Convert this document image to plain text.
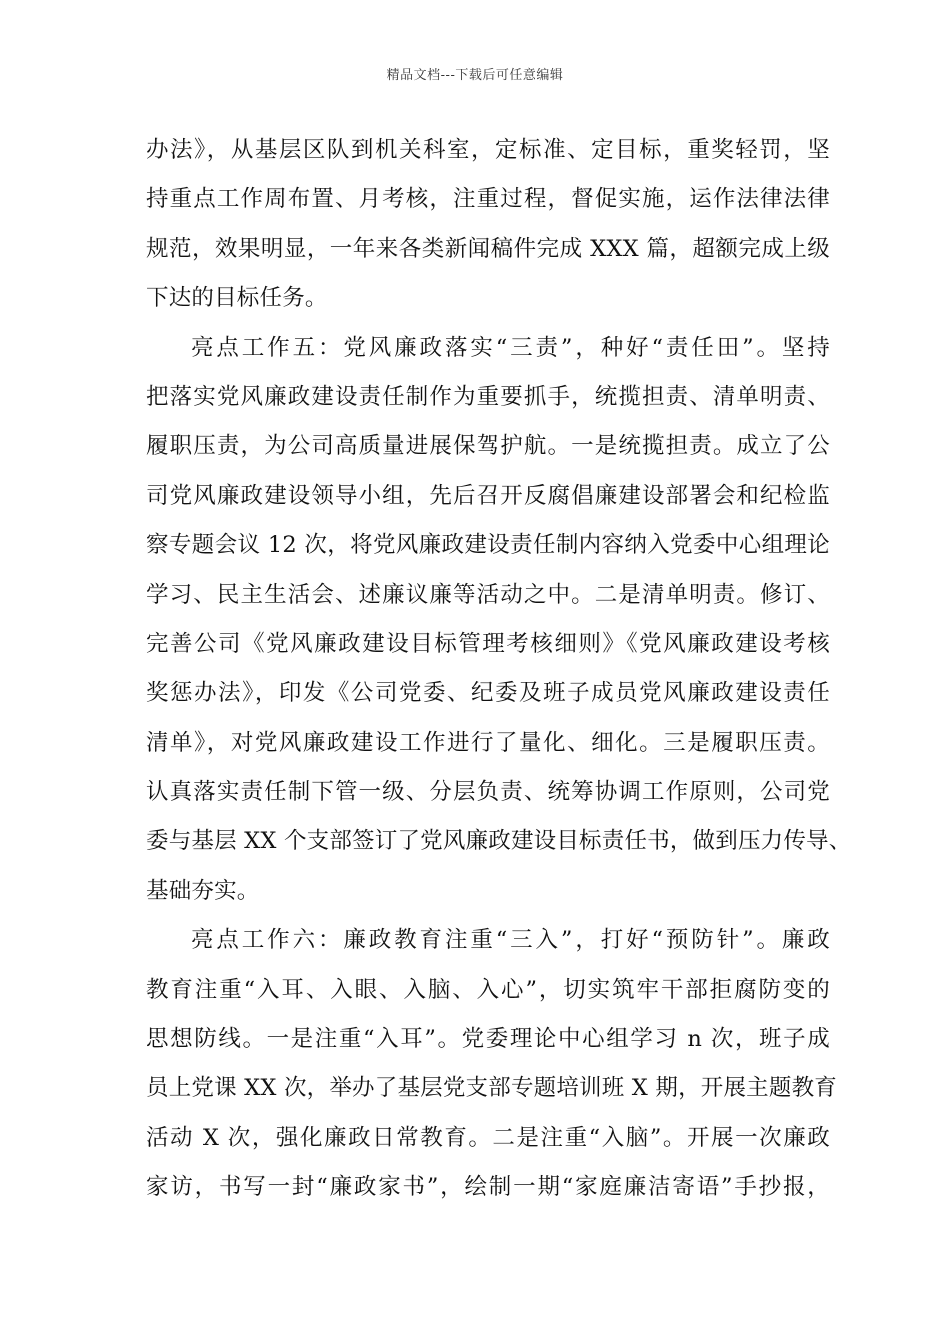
精品文档---下载后可任意编辑
办法》，从基层区队到机关科室，定标准、定目标，重奖轻罚，坚
持重点工作周布置、月考核，注重过程，督促实施，运作法律法律
规范，效果明显，一年来各类新闻稿件完成 XXX 篇，超额完成上级
下达的目标任务。
亮点工作五：党风廉政落实“三责”，种好“责任田”。坚持
把落实党风廉政建设责任制作为重要抓手，统揽担责、清单明责、
履职压责，为公司高质量进展保驾护航。一是统揽担责。成立了公
司党风廉政建设领导小组，先后召开反腐倡廉建设部署会和纪检监
察专题会议 12 次，将党风廉政建设责任制内容纳入党委中心组理论
学习、民主生活会、述廉议廉等活动之中。二是清单明责。修订、
完善公司《党风廉政建设目标管理考核细则》《党风廉政建设考核
奖惩办法》，印发《公司党委、纪委及班子成员党风廉政建设责任
清单》，对党风廉政建设工作进行了量化、细化。三是履职压责。
认真落实责任制下管一级、分层负责、统筹协调工作原则，公司党
委与基层 XX 个支部签订了党风廉政建设目标责任书，做到压力传导、
基础夯实。
亮点工作六：廉政教育注重“三入”，打好“预防针”。廉政
教育注重“入耳、入眼、入脑、入心”，切实筑牢干部拒腐防变的
思想防线。一是注重“入耳”。党委理论中心组学习 n 次，班子成
员上党课 XX 次，举办了基层党支部专题培训班 X 期，开展主题教育
活动 X 次，强化廉政日常教育。二是注重“入脑”。开展一次廉政
家访，书写一封“廉政家书”，绘制一期“家庭廉洁寄语”手抄报，
